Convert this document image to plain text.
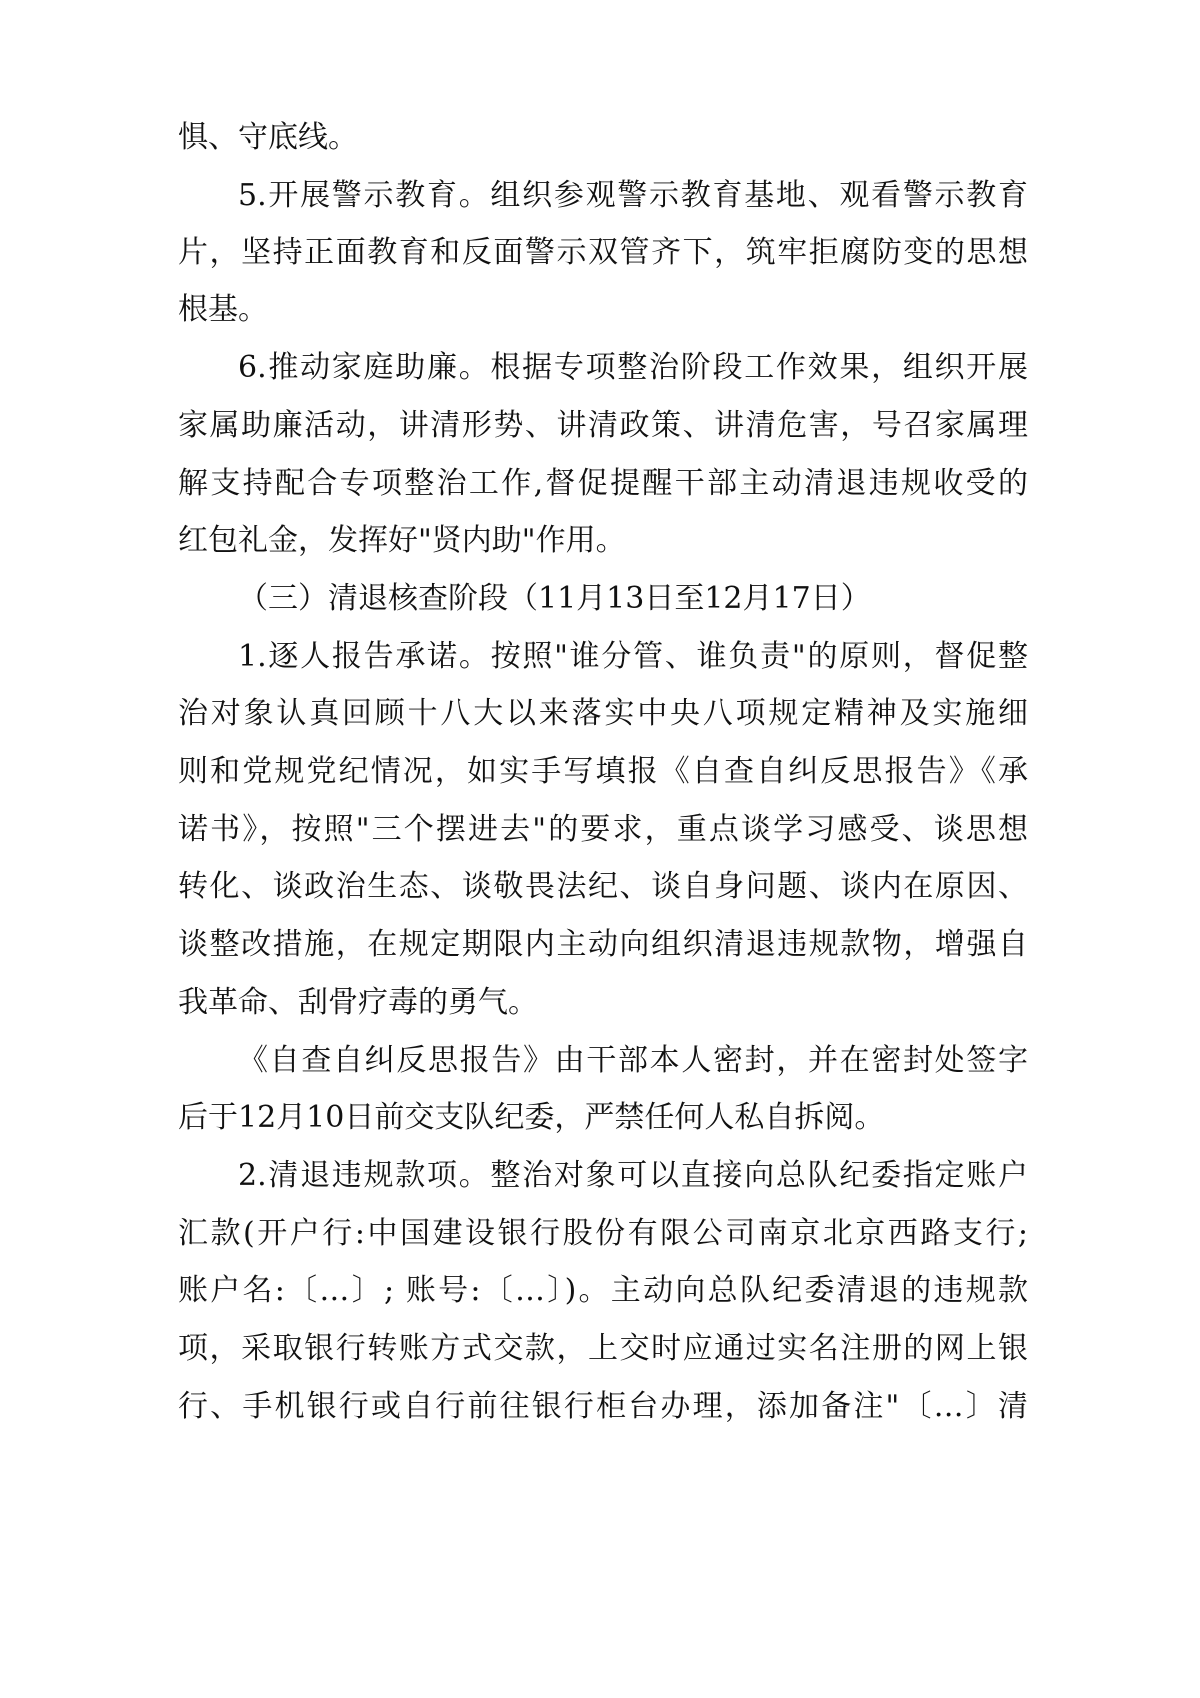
惧、守底线。
5.开展警示教育。组织参观警示教育基地、观看警示教育
片，坚持正面教育和反面警示双管齐下，筑牢拒腐防变的思想
根基。
6.推动家庭助廉。根据专项整治阶段工作效果，组织开展
家属助廉活动，讲清形势、讲清政策、讲清危害，号召家属理
解支持配合专项整治工作,督促提醒干部主动清退违规收受的
红包礼金，发挥好"贤内助"作用。
（三）清退核查阶段（11月13日至12月17日）
1.逐人报告承诺。按照"谁分管、谁负责"的原则，督促整
治对象认真回顾十八大以来落实中央八项规定精神及实施细
则和党规党纪情况，如实手写填报《自查自纠反思报告》《承
诺书》，按照"三个摆进去"的要求，重点谈学习感受、谈思想
转化、谈政治生态、谈敬畏法纪、谈自身问题、谈内在原因、
谈整改措施，在规定期限内主动向组织清退违规款物，增强自
我革命、刮骨疗毒的勇气。
《自查自纠反思报告》由干部本人密封，并在密封处签字
后于12月10日前交支队纪委，严禁任何人私自拆阅。
2.清退违规款项。整治对象可以直接向总队纪委指定账户
汇款(开户行:中国建设银行股份有限公司南京北京西路支行;
账户名:〔…〕; 账号:〔…〕)。主动向总队纪委清退的违规款
项，采取银行转账方式交款，上交时应通过实名注册的网上银
行、手机银行或自行前往银行柜台办理，添加备注"〔…〕清
